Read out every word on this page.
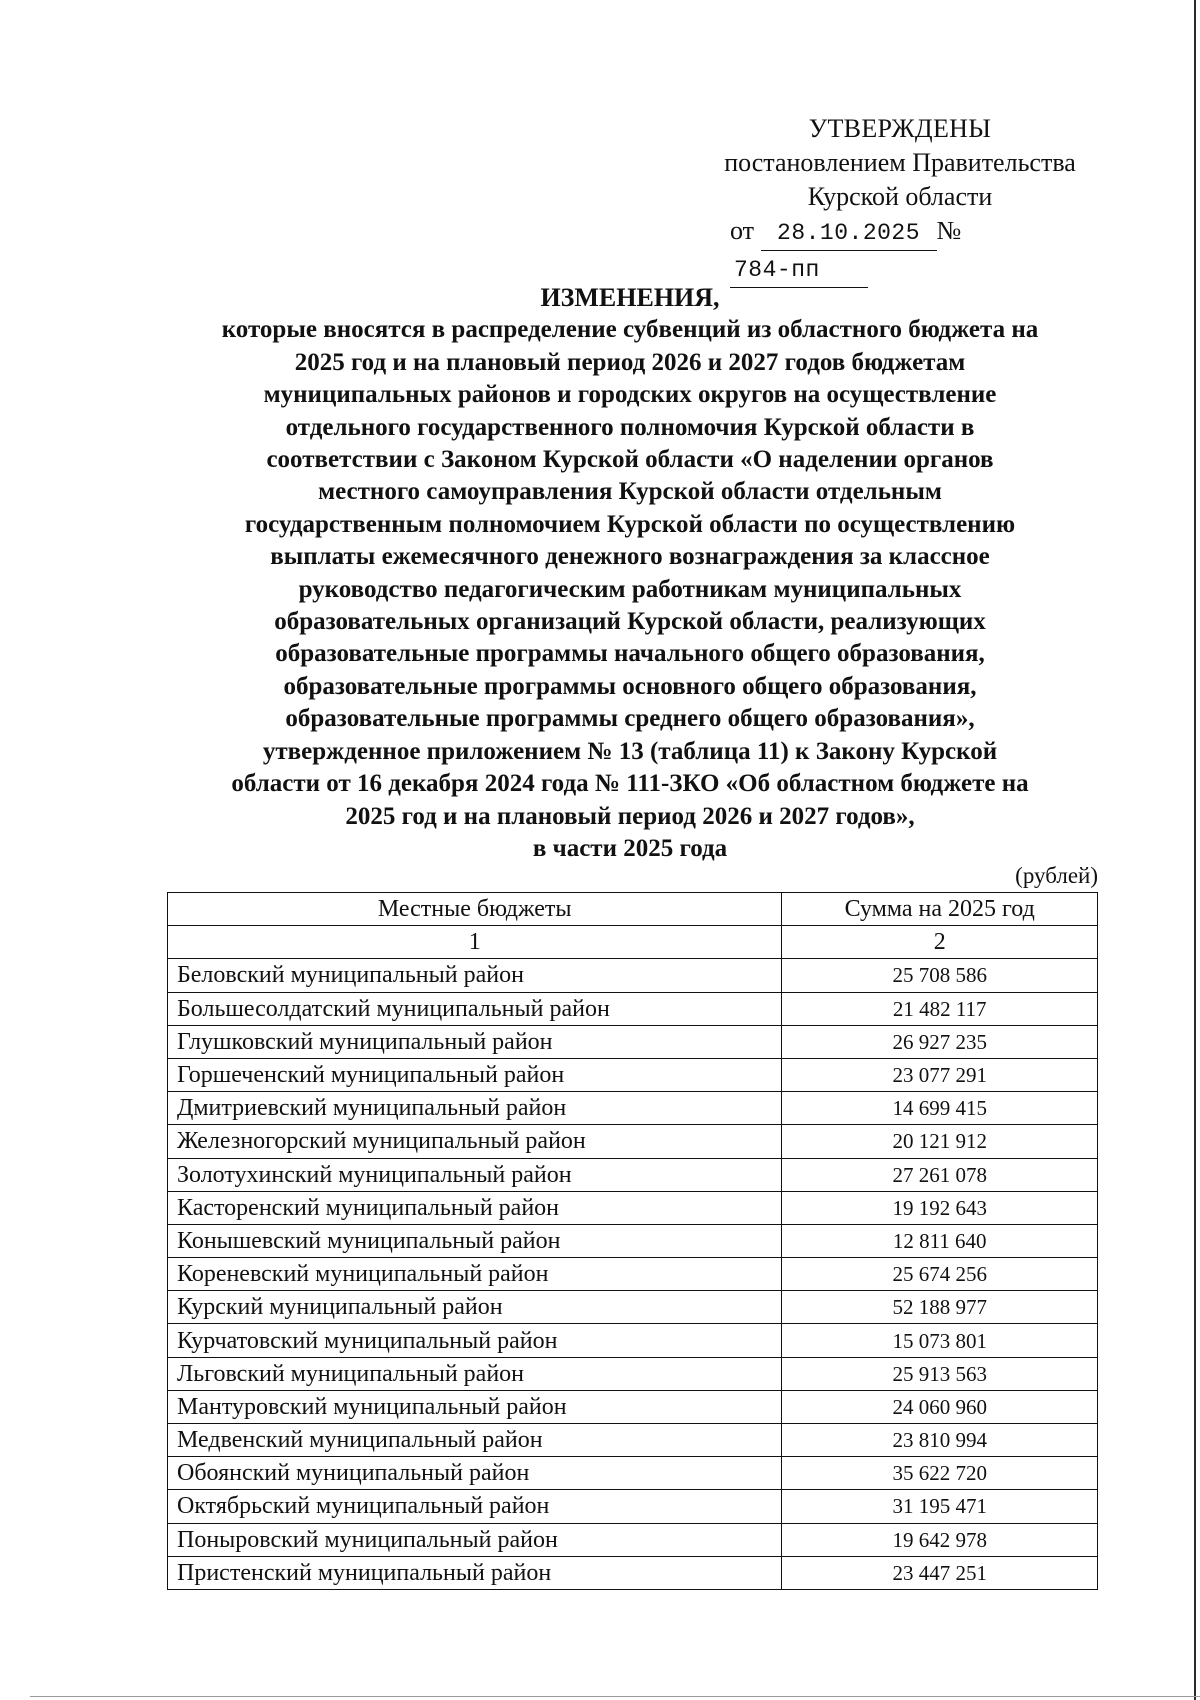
УТВЕРЖДЕНЫ
постановлением Правительства
Курской области
от 28.10.2025 № 784-пп
ИЗМЕНЕНИЯ,
которые вносятся в распределение субвенций из областного бюджета на
2025 год и на плановый период 2026 и 2027 годов бюджетам
муниципальных районов и городских округов на осуществление
отдельного государственного полномочия Курской области в
соответствии с Законом Курской области «О наделении органов
местного самоуправления Курской области отдельным
государственным полномочием Курской области по осуществлению
выплаты ежемесячного денежного вознаграждения за классное
руководство педагогическим работникам муниципальных
образовательных организаций Курской области, реализующих
образовательные программы начального общего образования,
образовательные программы основного общего образования,
образовательные программы среднего общего образования»,
утвержденное приложением № 13 (таблица 11) к Закону Курской
области от 16 декабря 2024 года № 111-ЗКО «Об областном бюджете на
2025 год и на плановый период 2026 и 2027 годов»,
в части 2025 года
(рублей)
Местные бюджеты	Сумма на 2025 год
1	2
Беловский муниципальный район	25 708 586
Большесолдатский муниципальный район	21 482 117
Глушковский муниципальный район	26 927 235
Горшеченский муниципальный район	23 077 291
Дмитриевский муниципальный район	14 699 415
Железногорский муниципальный район	20 121 912
Золотухинский муниципальный район	27 261 078
Касторенский муниципальный район	19 192 643
Конышевский муниципальный район	12 811 640
Кореневский муниципальный район	25 674 256
Курский муниципальный район	52 188 977
Курчатовский муниципальный район	15 073 801
Льговский муниципальный район	25 913 563
Мантуровский муниципальный район	24 060 960
Медвенский муниципальный район	23 810 994
Обоянский муниципальный район	35 622 720
Октябрьский муниципальный район	31 195 471
Поныровский муниципальный район	19 642 978
Пристенский муниципальный район	23 447 251
